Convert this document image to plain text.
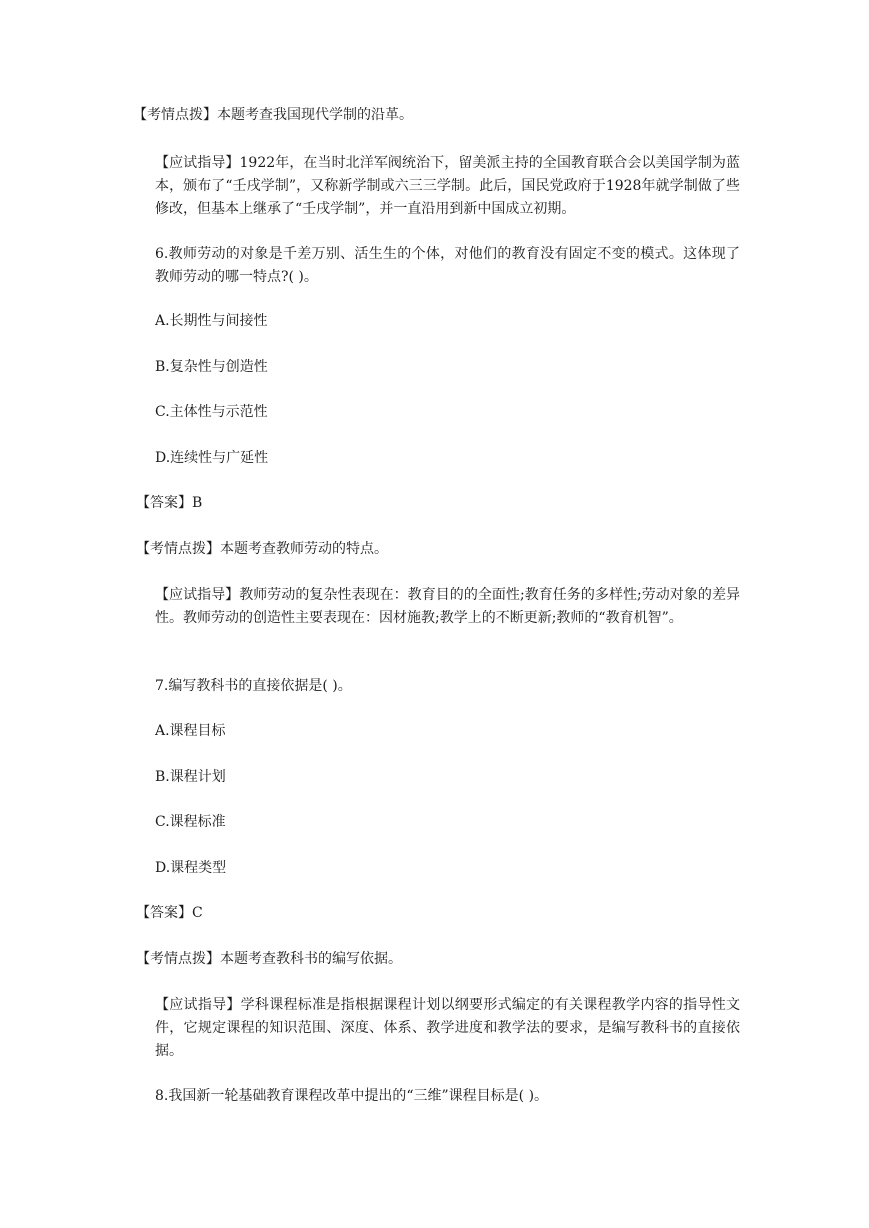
【考情点拨】本题考查我国现代学制的沿革。

【应试指导】1922年，在当时北洋军阀统治下，留美派主持的全国教育联合会以美国学制为蓝本，颁布了“壬戌学制”，又称新学制或六三三学制。此后，国民党政府于1928年就学制做了些修改，但基本上继承了“壬戌学制”，并一直沿用到新中国成立初期。

6.教师劳动的对象是千差万别、活生生的个体，对他们的教育没有固定不变的模式。这体现了教师劳动的哪一特点?( )。

A.长期性与间接性

B.复杂性与创造性

C.主体性与示范性

D.连续性与广延性

【答案】B

【考情点拨】本题考查教师劳动的特点。

【应试指导】教师劳动的复杂性表现在：教育目的的全面性;教育任务的多样性;劳动对象的差异性。教师劳动的创造性主要表现在：因材施教;教学上的不断更新;教师的“教育机智”。

7.编写教科书的直接依据是( )。

A.课程目标

B.课程计划

C.课程标准

D.课程类型

【答案】C

【考情点拨】本题考查教科书的编写依据。

【应试指导】学科课程标准是指根据课程计划以纲要形式编定的有关课程教学内容的指导性文件，它规定课程的知识范围、深度、体系、教学进度和教学法的要求，是编写教科书的直接依据。

8.我国新一轮基础教育课程改革中提出的“三维”课程目标是( )。
